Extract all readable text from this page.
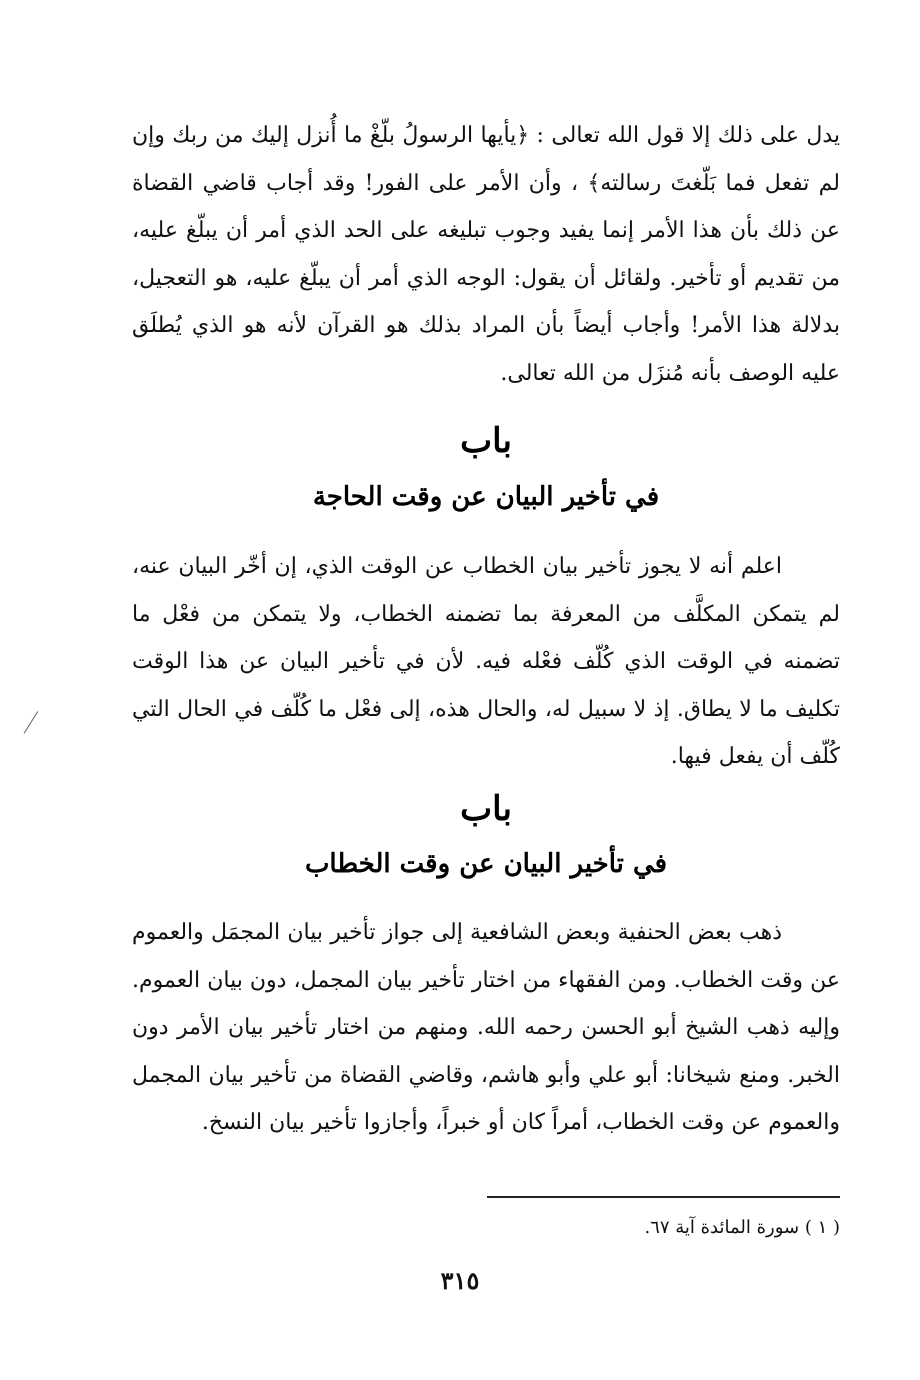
يدل على ذلك إلا قول الله تعالى : ﴿يأيها الرسولُ بلّغْ ما أُنزل إليك من ربك وإن لم تفعل فما بَلّغتَ رسالته﴾ ، وأن الأمر على الفور! وقد أجاب قاضي القضاة عن ذلك بأن هذا الأمر إنما يفيد وجوب تبليغه على الحد الذي أمر أن يبلّغ عليه، من تقديم أو تأخير. ولقائل أن يقول: الوجه الذي أمر أن يبلّغ عليه، هو التعجيل، بدلالة هذا الأمر! وأجاب أيضاً بأن المراد بذلك هو القرآن لأنه هو الذي يُطلَق عليه الوصف بأنه مُنزَل من الله تعالى.

باب
في تأخير البيان عن وقت الحاجة

اعلم أنه لا يجوز تأخير بيان الخطاب عن الوقت الذي، إن أخّر البيان عنه، لم يتمكن المكلَّف من المعرفة بما تضمنه الخطاب، ولا يتمكن من فعْل ما تضمنه في الوقت الذي كُلّف فعْله فيه. لأن في تأخير البيان عن هذا الوقت تكليف ما لا يطاق. إذ لا سبيل له، والحال هذه، إلى فعْل ما كُلّف في الحال التي كُلّف أن يفعل فيها.

باب
في تأخير البيان عن وقت الخطاب

ذهب بعض الحنفية وبعض الشافعية إلى جواز تأخير بيان المجمَل والعموم عن وقت الخطاب. ومن الفقهاء من اختار تأخير بيان المجمل، دون بيان العموم. وإليه ذهب الشيخ أبو الحسن رحمه الله. ومنهم من اختار تأخير بيان الأمر دون الخبر. ومنع شيخانا: أبو علي وأبو هاشم، وقاضي القضاة من تأخير بيان المجمل والعموم عن وقت الخطاب، أمراً كان أو خبراً، وأجازوا تأخير بيان النسخ.

( ١ ) سورة المائدة آية ٦٧.

٣١٥
